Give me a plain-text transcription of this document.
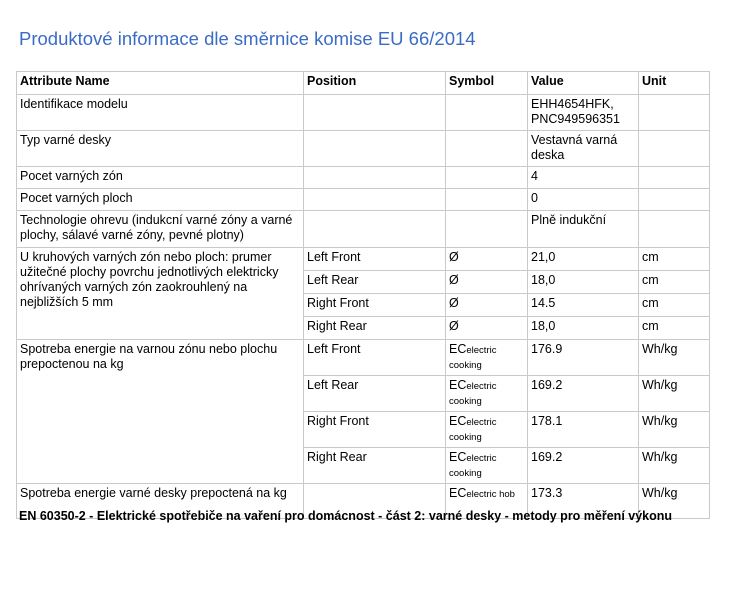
Produktové informace dle směrnice komise EU 66/2014
Attribute Name	Position	Symbol	Value	Unit
Identifikace modelu			EHH4654HFK, PNC949596351	
Typ varné desky			Vestavná varná deska	
Pocet varných zón			4	
Pocet varných ploch			0	
Technologie ohrevu (indukcní varné zóny a varné plochy, sálavé varné zóny, pevné plotny)			Plně indukční	
U kruhových varných zón nebo ploch: prumer užitečné plochy povrchu jednotlivých elektricky ohrívaných varných zón zaokrouhlený na nejbližších 5 mm	Left Front	Ø	21,0	cm
	Left Rear	Ø	18,0	cm
	Right Front	Ø	14.5	cm
	Right Rear	Ø	18,0	cm
Spotreba energie na varnou zónu nebo plochu prepoctenou na kg	Left Front	ECelectric cooking	176.9	Wh/kg
	Left Rear	ECelectric cooking	169.2	Wh/kg
	Right Front	ECelectric cooking	178.1	Wh/kg
	Right Rear	ECelectric cooking	169.2	Wh/kg
Spotreba energie varné desky prepoctená na kg		ECelectric hob	173.3	Wh/kg
EN 60350-2 - Elektrické spotřebiče na vaření pro domácnost - část 2: varné desky - metody pro měření výkonu
